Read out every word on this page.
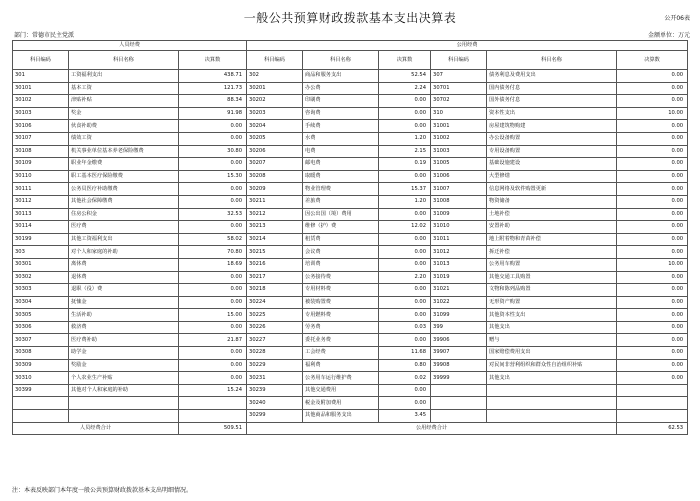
一般公共预算财政拨款基本支出决算表	公开06表
部门：常德市民主党派	金额单位：万元
人员经费			公用经费					
科目编码	科目名称	决算数	科目编码	科目名称	决算数	科目编码	科目名称	决算数
301	工资福利支出	438.71	302	商品和服务支出	52.54	307	债务利息及费用支出	0.00
30101	基本工资	121.73	30201	办公费	2.24	30701	国内债务付息	0.00
30102	津贴补贴	88.34	30202	印刷费	0.00	30702	国外债务付息	0.00
30103	奖金	91.98	30203	咨询费	0.00	310	资本性支出	10.00
30106	伙食补助费	0.00	30204	手续费	0.00	31001	房屋建筑物购建	0.00
30107	绩效工资	0.00	30205	水费	1.20	31002	办公设备购置	0.00
30108	机关事业单位基本养老保险缴费	30.80	30206	电费	2.15	31003	专用设备购置	0.00
30109	职业年金缴费	0.00	30207	邮电费	0.19	31005	基础设施建设	0.00
30110	职工基本医疗保险缴费	15.30	30208	取暖费	0.00	31006	大型修缮	0.00
30111	公务员医疗补助缴费	0.00	30209	物业管理费	15.37	31007	信息网络及软件购置更新	0.00
30112	其他社会保障缴费	0.00	30211	差旅费	1.20	31008	物资储备	0.00
30113	住房公积金	32.53	30212	因公出国（境）费用	0.00	31009	土地补偿	0.00
30114	医疗费	0.00	30213	维修（护）费	12.02	31010	安置补助	0.00
30199	其他工资福利支出	58.02	30214	租赁费	0.00	31011	地上附着物和青苗补偿	0.00
303	对个人和家庭的补助	70.80	30215	会议费	0.00	31012	拆迁补偿	0.00
30301	离休费	18.69	30216	培训费	0.00	31013	公务用车购置	10.00
30302	退休费	0.00	30217	公务接待费	2.20	31019	其他交通工具购置	0.00
30303	退职（役）费	0.00	30218	专用材料费	0.00	31021	文物和陈列品购置	0.00
30304	抚恤金	0.00	30224	被装购置费	0.00	31022	无形资产购置	0.00
30305	生活补助	15.00	30225	专用燃料费	0.00	31099	其他资本性支出	0.00
30306	救济费	0.00	30226	劳务费	0.03	399	其他支出	0.00
30307	医疗费补助	21.87	30227	委托业务费	0.00	39906	赠与	0.00
30308	助学金	0.00	30228	工会经费	11.68	39907	国家赔偿费用支出	0.00
30309	奖励金	0.00	30229	福利费	0.80	39908	对民间非营利组织和群众性自治组织补贴	0.00
30310	个人农业生产补贴	0.00	30231	公务用车运行维护费	0.02	39999	其他支出	0.00
30399	其他对个人和家庭的补助	15.24	30239	其他交通费用	0.00			
			30240	税金及附加费用	0.00			
			30299	其他商品和服务支出	3.45			
人员经费合计		509.51	公用经费合计					62.53
注：本表反映部门本年度一般公共预算财政拨款基本支出明细情况。
